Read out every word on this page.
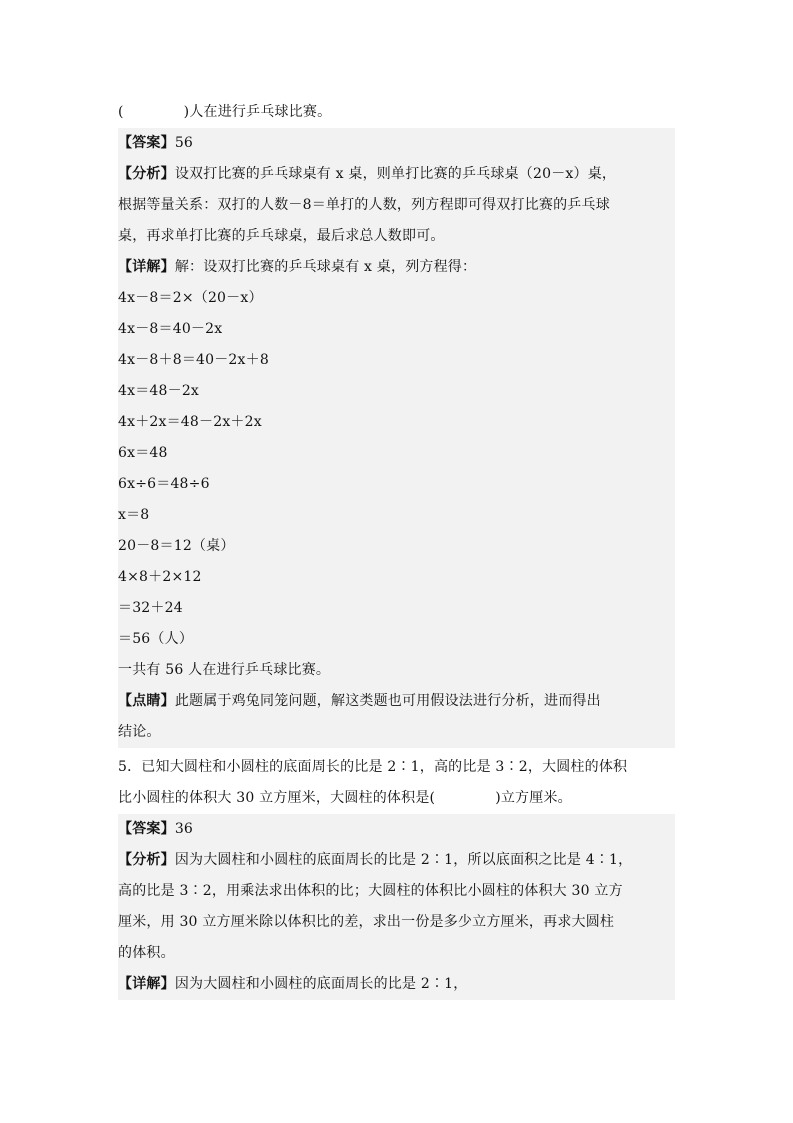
(	)人在进行乒乓球比赛。
【答案】56
【分析】设双打比赛的乒乓球桌有 x 桌，则单打比赛的乒乓球桌（20－x）桌，
根据等量关系：双打的人数－8＝单打的人数，列方程即可得双打比赛的乒乓球
桌，再求单打比赛的乒乓球桌，最后求总人数即可。
【详解】解：设双打比赛的乒乓球桌有 x 桌，列方程得：
4x－8＝2×（20－x）
4x－8＝40－2x
4x－8＋8＝40－2x＋8
4x＝48－2x
4x＋2x＝48－2x＋2x
6x＝48
6x÷6＝48÷6
x＝8
20－8＝12（桌）
4×8＋2×12
＝32＋24
＝56（人）
一共有 56 人在进行乒乓球比赛。
【点睛】此题属于鸡兔同笼问题，解这类题也可用假设法进行分析，进而得出
结论。
5．已知大圆柱和小圆柱的底面周长的比是 2∶1，高的比是 3∶2，大圆柱的体积
比小圆柱的体积大 30 立方厘米，大圆柱的体积是(	)立方厘米。
【答案】36
【分析】因为大圆柱和小圆柱的底面周长的比是 2∶1，所以底面积之比是 4∶1，
高的比是 3∶2，用乘法求出体积的比；大圆柱的体积比小圆柱的体积大 30 立方
厘米，用 30 立方厘米除以体积比的差，求出一份是多少立方厘米，再求大圆柱
的体积。
【详解】因为大圆柱和小圆柱的底面周长的比是 2∶1，
